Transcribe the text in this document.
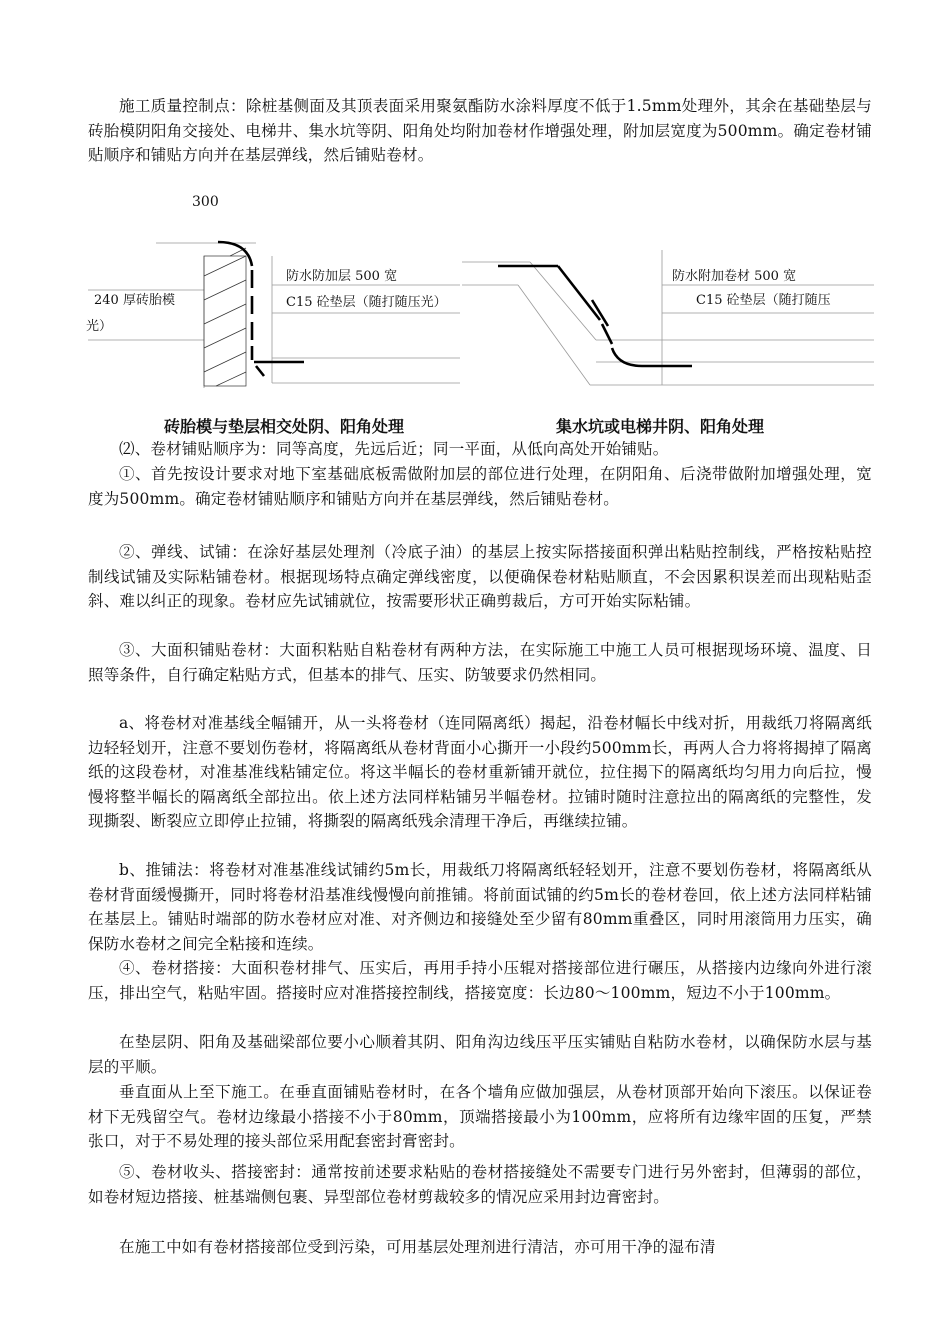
施工质量控制点：除桩基侧面及其顶表面采用聚氨酯防水涂料厚度不低于1.5mm处理外，其余在基础垫层与砖胎模阴阳角交接处、电梯井、集水坑等阴、阳角处均附加卷材作增强处理，附加层宽度为500mm。确定卷材铺贴顺序和铺贴方向并在基层弹线，然后铺贴卷材。

300
防水防加层 500 宽
C15 砼垫层（随打随压光）
240 厚砖胎模
光）
防水附加卷材 500 宽
C15 砼垫层（随打随压
砖胎模与垫层相交处阴、阳角处理	集水坑或电梯井阴、阳角处理

⑵、卷材铺贴顺序为：同等高度，先远后近；同一平面，从低向高处开始铺贴。

①、首先按设计要求对地下室基础底板需做附加层的部位进行处理，在阴阳角、后浇带做附加增强处理，宽度为500mm。确定卷材铺贴顺序和铺贴方向并在基层弹线，然后铺贴卷材。

②、弹线、试铺：在涂好基层处理剂（冷底子油）的基层上按实际搭接面积弹出粘贴控制线，严格按粘贴控制线试铺及实际粘铺卷材。根据现场特点确定弹线密度，以便确保卷材粘贴顺直，不会因累积误差而出现粘贴歪斜、难以纠正的现象。卷材应先试铺就位，按需要形状正确剪裁后，方可开始实际粘铺。

③、大面积铺贴卷材：大面积粘贴自粘卷材有两种方法，在实际施工中施工人员可根据现场环境、温度、日照等条件，自行确定粘贴方式，但基本的排气、压实、防皱要求仍然相同。

a、将卷材对准基线全幅铺开，从一头将卷材（连同隔离纸）揭起，沿卷材幅长中线对折，用裁纸刀将隔离纸边轻轻划开，注意不要划伤卷材，将隔离纸从卷材背面小心撕开一小段约500mm长，再两人合力将将揭掉了隔离纸的这段卷材，对准基准线粘铺定位。将这半幅长的卷材重新铺开就位，拉住揭下的隔离纸均匀用力向后拉，慢慢将整半幅长的隔离纸全部拉出。依上述方法同样粘铺另半幅卷材。拉铺时随时注意拉出的隔离纸的完整性，发现撕裂、断裂应立即停止拉铺，将撕裂的隔离纸残余清理干净后，再继续拉铺。

b、推铺法：将卷材对准基准线试铺约5m长，用裁纸刀将隔离纸轻轻划开，注意不要划伤卷材，将隔离纸从卷材背面缓慢撕开，同时将卷材沿基准线慢慢向前推铺。将前面试铺的约5m长的卷材卷回，依上述方法同样粘铺在基层上。铺贴时端部的防水卷材应对准、对齐侧边和接缝处至少留有80mm重叠区，同时用滚筒用力压实，确保防水卷材之间完全粘接和连续。

④、卷材搭接：大面积卷材排气、压实后，再用手持小压辊对搭接部位进行碾压，从搭接内边缘向外进行滚压，排出空气，粘贴牢固。搭接时应对准搭接控制线，搭接宽度：长边80～100mm，短边不小于100mm。

在垫层阴、阳角及基础梁部位要小心顺着其阴、阳角沟边线压平压实铺贴自粘防水卷材，以确保防水层与基层的平顺。

垂直面从上至下施工。在垂直面铺贴卷材时，在各个墙角应做加强层，从卷材顶部开始向下滚压。以保证卷材下无残留空气。卷材边缘最小搭接不小于80mm，顶端搭接最小为100mm，应将所有边缘牢固的压复，严禁张口，对于不易处理的接头部位采用配套密封膏密封。

⑤、卷材收头、搭接密封：通常按前述要求粘贴的卷材搭接缝处不需要专门进行另外密封，但薄弱的部位，如卷材短边搭接、桩基端侧包裹、异型部位卷材剪裁较多的情况应采用封边膏密封。

在施工中如有卷材搭接部位受到污染，可用基层处理剂进行清洁，亦可用干净的湿布清
